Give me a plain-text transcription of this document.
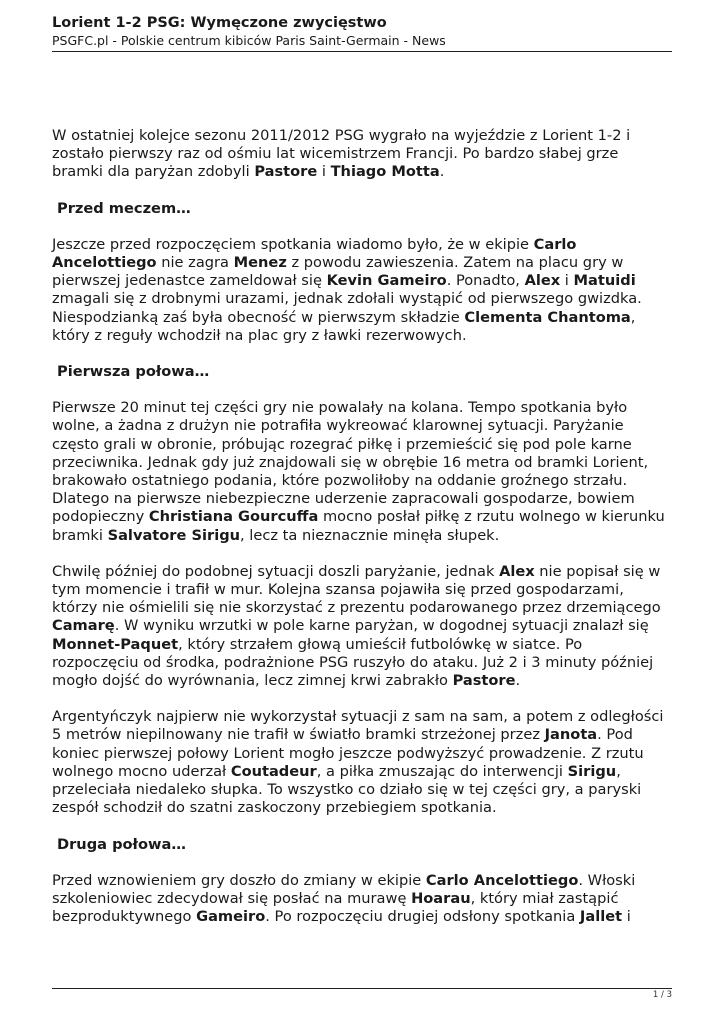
Lorient 1-2 PSG: Wymęczone zwycięstwo
PSGFC.pl - Polskie centrum kibiców Paris Saint-Germain - News

W ostatniej kolejce sezonu 2011/2012 PSG wygrało na wyjeździe z Lorient 1-2 i zostało pierwszy raz od ośmiu lat wicemistrzem Francji. Po bardzo słabej grze bramki dla paryżan zdobyli Pastore i Thiago Motta.

Przed meczem…

Jeszcze przed rozpoczęciem spotkania wiadomo było, że w ekipie Carlo Ancelottiego nie zagra Menez z powodu zawieszenia. Zatem na placu gry w pierwszej jedenastce zameldował się Kevin Gameiro. Ponadto, Alex i Matuidi zmagali się z drobnymi urazami, jednak zdołali wystąpić od pierwszego gwizdka. Niespodzianką zaś była obecność w pierwszym składzie Clementa Chantoma, który z reguły wchodził na plac gry z ławki rezerwowych.

Pierwsza połowa…

Pierwsze 20 minut tej części gry nie powalały na kolana. Tempo spotkania było wolne, a żadna z drużyn nie potrafiła wykreować klarownej sytuacji. Paryżanie często grali w obronie, próbując rozegrać piłkę i przemieścić się pod pole karne przeciwnika. Jednak gdy już znajdowali się w obrębie 16 metra od bramki Lorient, brakowało ostatniego podania, które pozwoliłoby na oddanie groźnego strzału. Dlatego na pierwsze niebezpieczne uderzenie zapracowali gospodarze, bowiem podopieczny Christiana Gourcuffa mocno posłał piłkę z rzutu wolnego w kierunku bramki Salvatore Sirigu, lecz ta nieznacznie minęła słupek.

Chwilę później do podobnej sytuacji doszli paryżanie, jednak Alex nie popisał się w tym momencie i trafił w mur. Kolejna szansa pojawiła się przed gospodarzami, którzy nie ośmielili się nie skorzystać z prezentu podarowanego przez drzemiącego Camarę. W wyniku wrzutki w pole karne paryżan, w dogodnej sytuacji znalazł się Monnet-Paquet, który strzałem głową umieścił futbolówkę w siatce. Po rozpoczęciu od środka, podrażnione PSG ruszyło do ataku. Już 2 i 3 minuty później mogło dojść do wyrównania, lecz zimnej krwi zabrakło Pastore.

Argentyńczyk najpierw nie wykorzystał sytuacji z sam na sam, a potem z odległości 5 metrów niepilnowany nie trafił w światło bramki strzeżonej przez Janota. Pod koniec pierwszej połowy Lorient mogło jeszcze podwyższyć prowadzenie. Z rzutu wolnego mocno uderzał Coutadeur, a piłka zmuszając do interwencji Sirigu, przeleciała niedaleko słupka. To wszystko co działo się w tej części gry, a paryski zespół schodził do szatni zaskoczony przebiegiem spotkania.

Druga połowa…

Przed wznowieniem gry doszło do zmiany w ekipie Carlo Ancelottiego. Włoski szkoleniowiec zdecydował się posłać na murawę Hoarau, który miał zastąpić bezproduktywnego Gameiro. Po rozpoczęciu drugiej odsłony spotkania Jallet i

1 / 3
